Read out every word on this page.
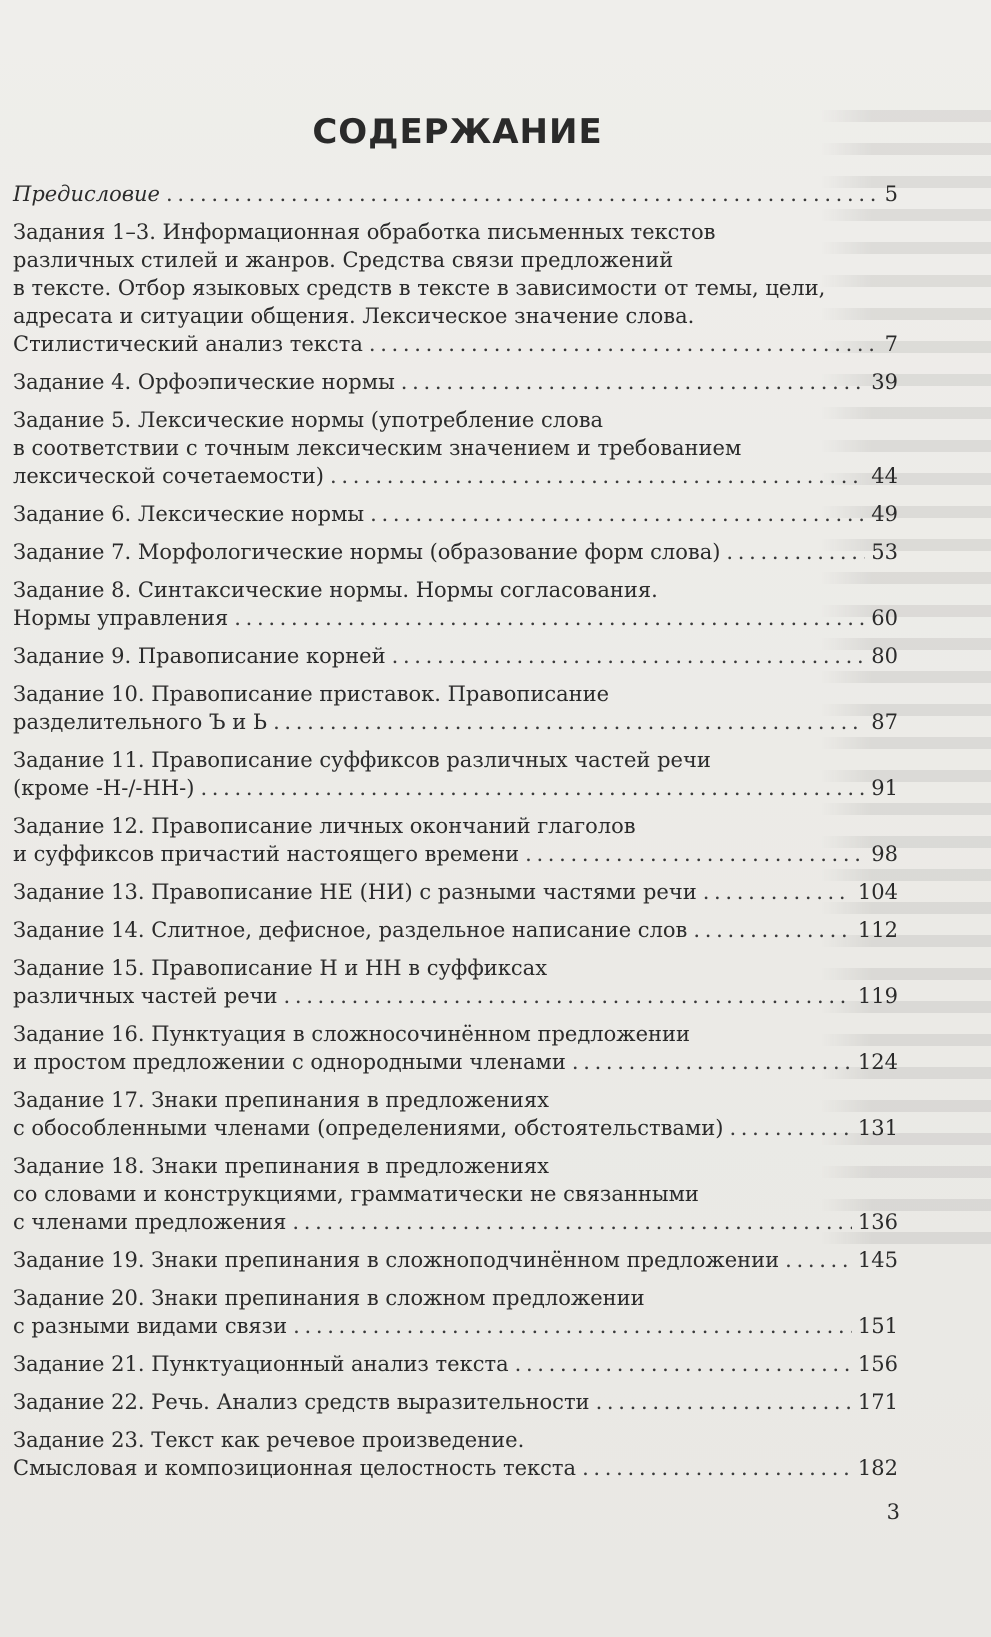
СОДЕРЖАНИЕ
Предисловие . . .	5
Задания 1–3. Информационная обработка письменных текстов
различных стилей и жанров. Средства связи предложений
в тексте. Отбор языковых средств в тексте в зависимости от темы, цели,
адресата и ситуации общения. Лексическое значение слова.
Стилистический анализ текста . . .	7
Задание 4. Орфоэпические нормы . . .	39
Задание 5. Лексические нормы (употребление слова
в соответствии с точным лексическим значением и требованием
лексической сочетаемости) . . .	44
Задание 6. Лексические нормы . . .	49
Задание 7. Морфологические нормы (образование форм слова) . . .	53
Задание 8. Синтаксические нормы. Нормы согласования.
Нормы управления . . .	60
Задание 9. Правописание корней . . .	80
Задание 10. Правописание приставок. Правописание
разделительного Ъ и Ь . . .	87
Задание 11. Правописание суффиксов различных частей речи
(кроме -Н-/-НН-) . . .	91
Задание 12. Правописание личных окончаний глаголов
и суффиксов причастий настоящего времени . . .	98
Задание 13. Правописание НЕ (НИ) с разными частями речи . . .	104
Задание 14. Слитное, дефисное, раздельное написание слов . . .	112
Задание 15. Правописание Н и НН в суффиксах
различных частей речи . . .	119
Задание 16. Пунктуация в сложносочинённом предложении
и простом предложении с однородными членами . . .	124
Задание 17. Знаки препинания в предложениях
с обособленными членами (определениями, обстоятельствами) . . .	131
Задание 18. Знаки препинания в предложениях
со словами и конструкциями, грамматически не связанными
с членами предложения . . .	136
Задание 19. Знаки препинания в сложноподчинённом предложении . . .	145
Задание 20. Знаки препинания в сложном предложении
с разными видами связи . . .	151
Задание 21. Пунктуационный анализ текста . . .	156
Задание 22. Речь. Анализ средств выразительности . . .	171
Задание 23. Текст как речевое произведение.
Смысловая и композиционная целостность текста . . .	182
3
